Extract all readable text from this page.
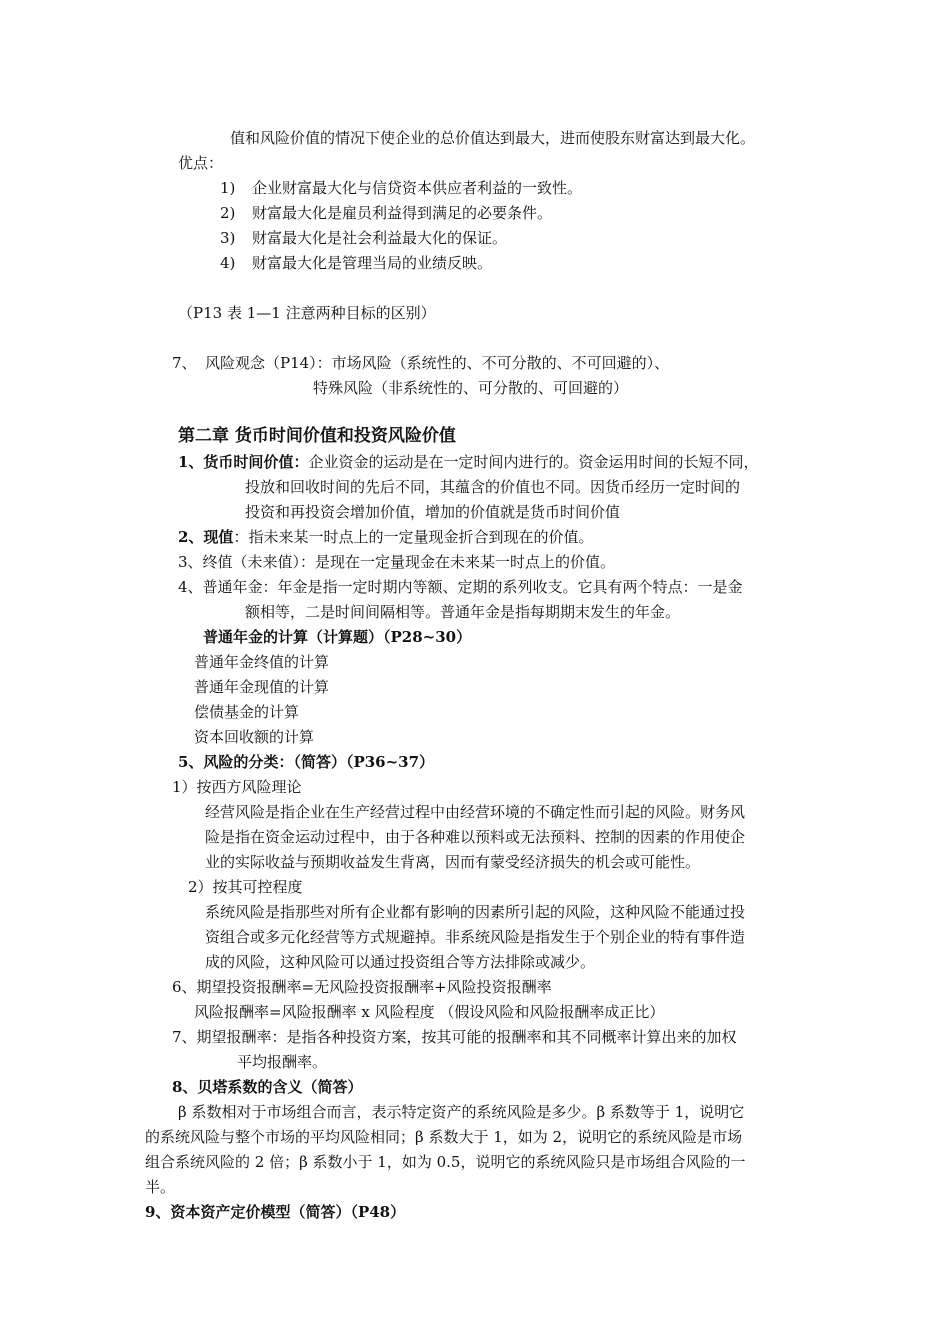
值和风险价值的情况下使企业的总价值达到最大，进而使股东财富达到最大化。
优点：
1) 企业财富最大化与信贷资本供应者利益的一致性。
2) 财富最大化是雇员利益得到满足的必要条件。
3) 财富最大化是社会利益最大化的保证。
4) 财富最大化是管理当局的业绩反映。
（P13 表 1—1 注意两种目标的区别）
7、 风险观念（P14）：市场风险（系统性的、不可分散的、不可回避的）、
特殊风险（非系统性的、可分散的、可回避的）
第二章 货币时间价值和投资风险价值
1、货币时间价值：企业资金的运动是在一定时间内进行的。资金运用时间的长短不同，
投放和回收时间的先后不同，其蕴含的价值也不同。因货币经历一定时间的
投资和再投资会增加价值，增加的价值就是货币时间价值
2、现值：指未来某一时点上的一定量现金折合到现在的价值。
3、终值（未来值）：是现在一定量现金在未来某一时点上的价值。
4、普通年金：年金是指一定时期内等额、定期的系列收支。它具有两个特点：一是金
额相等，二是时间间隔相等。普通年金是指每期期末发生的年金。
普通年金的计算（计算题）（P28~30）
普通年金终值的计算
普通年金现值的计算
偿债基金的计算
资本回收额的计算
5、风险的分类：（简答）（P36~37）
1）按西方风险理论
经营风险是指企业在生产经营过程中由经营环境的不确定性而引起的风险。财务风
险是指在资金运动过程中，由于各种难以预料或无法预料、控制的因素的作用使企
业的实际收益与预期收益发生背离，因而有蒙受经济损失的机会或可能性。
2）按其可控程度
系统风险是指那些对所有企业都有影响的因素所引起的风险，这种风险不能通过投
资组合或多元化经营等方式规避掉。非系统风险是指发生于个别企业的特有事件造
成的风险，这种风险可以通过投资组合等方法排除或减少。
6、期望投资报酬率=无风险投资报酬率+风险投资报酬率
风险报酬率=风险报酬率 x 风险程度 （假设风险和风险报酬率成正比）
7、期望报酬率：是指各种投资方案，按其可能的报酬率和其不同概率计算出来的加权
平均报酬率。
8、贝塔系数的含义（简答）
β 系数相对于市场组合而言，表示特定资产的系统风险是多少。β 系数等于 1，说明它
的系统风险与整个市场的平均风险相同；β 系数大于 1，如为 2，说明它的系统风险是市场
组合系统风险的 2 倍；β 系数小于 1，如为 0.5，说明它的系统风险只是市场组合风险的一
半。
9、资本资产定价模型（简答）（P48）
